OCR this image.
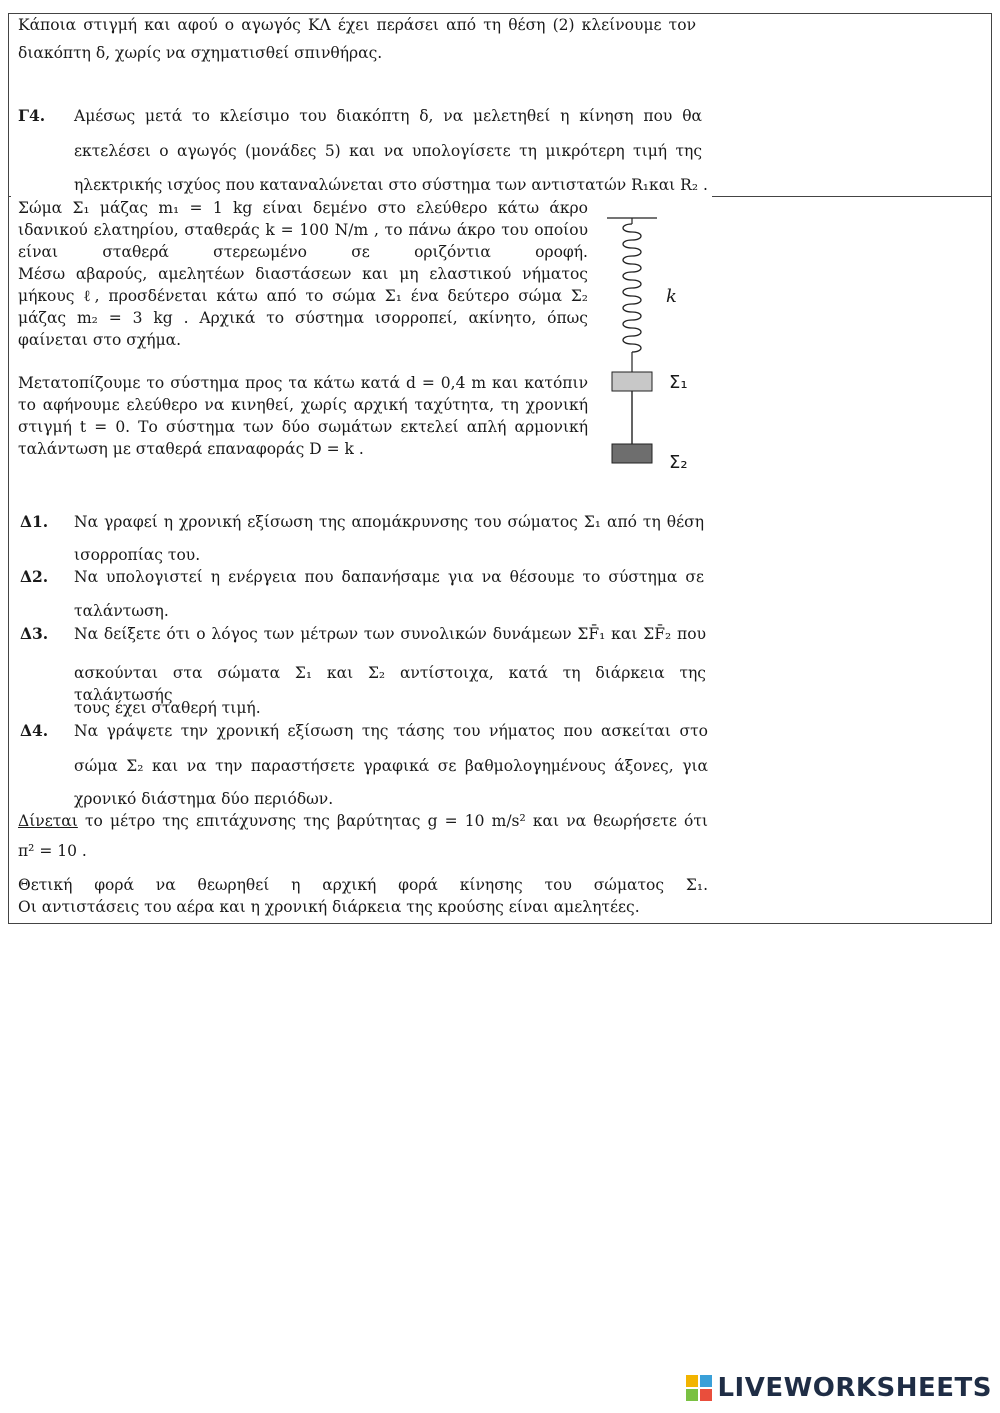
Κάποια στιγμή και αφού ο αγωγός ΚΛ έχει περάσει από τη θέση (2) κλείνουμε τον
διακόπτη δ, χωρίς να σχηματισθεί σπινθήρας.
Γ4. Αμέσως μετά το κλείσιμο του διακόπτη δ, να μελετηθεί η κίνηση που θα
εκτελέσει ο αγωγός (μονάδες 5) και να υπολογίσετε τη μικρότερη τιμή της
ηλεκτρικής ισχύος που καταναλώνεται στο σύστημα των αντιστατών R₁και R₂ .
Σώμα Σ₁ μάζας m₁ = 1 kg είναι δεμένο στο ελεύθερο κάτω άκρο
ιδανικού ελατηρίου, σταθεράς k = 100 N/m , το πάνω άκρο του οποίου
είναι σταθερά στερεωμένο σε οριζόντια οροφή.
Μέσω αβαρούς, αμελητέων διαστάσεων και μη ελαστικού νήματος
μήκους ℓ, προσδένεται κάτω από το σώμα Σ₁ ένα δεύτερο σώμα Σ₂
μάζας m₂ = 3 kg . Αρχικά το σύστημα ισορροπεί, ακίνητο, όπως
φαίνεται στο σχήμα.
Μετατοπίζουμε το σύστημα προς τα κάτω κατά d = 0,4 m και κατόπιν
το αφήνουμε ελεύθερο να κινηθεί, χωρίς αρχική ταχύτητα, τη χρονική
στιγμή t = 0. Το σύστημα των δύο σωμάτων εκτελεί απλή αρμονική
ταλάντωση με σταθερά επαναφοράς D = k .
k
Σ₁
Σ₂
Δ1. Να γραφεί η χρονική εξίσωση της απομάκρυνσης του σώματος Σ₁ από τη θέση
ισορροπίας του.
Δ2. Να υπολογιστεί η ενέργεια που δαπανήσαμε για να θέσουμε το σύστημα σε
ταλάντωση.
Δ3. Να δείξετε ότι ο λόγος των μέτρων των συνολικών δυνάμεων ΣF̄₁ και ΣF̄₂ που
ασκούνται στα σώματα Σ₁ και Σ₂ αντίστοιχα, κατά τη διάρκεια της ταλάντωσής
τους έχει σταθερή τιμή.
Δ4. Να γράψετε την χρονική εξίσωση της τάσης του νήματος που ασκείται στο
σώμα Σ₂ και να την παραστήσετε γραφικά σε βαθμολογημένους άξονες, για
χρονικό διάστημα δύο περιόδων.
Δίνεται το μέτρο της επιτάχυνσης της βαρύτητας g = 10 m/s² και να θεωρήσετε ότι
π² = 10 .
Θετική φορά να θεωρηθεί η αρχική φορά κίνησης του σώματος Σ₁.
Οι αντιστάσεις του αέρα και η χρονική διάρκεια της κρούσης είναι αμελητέες.
LIVEWORKSHEETS
